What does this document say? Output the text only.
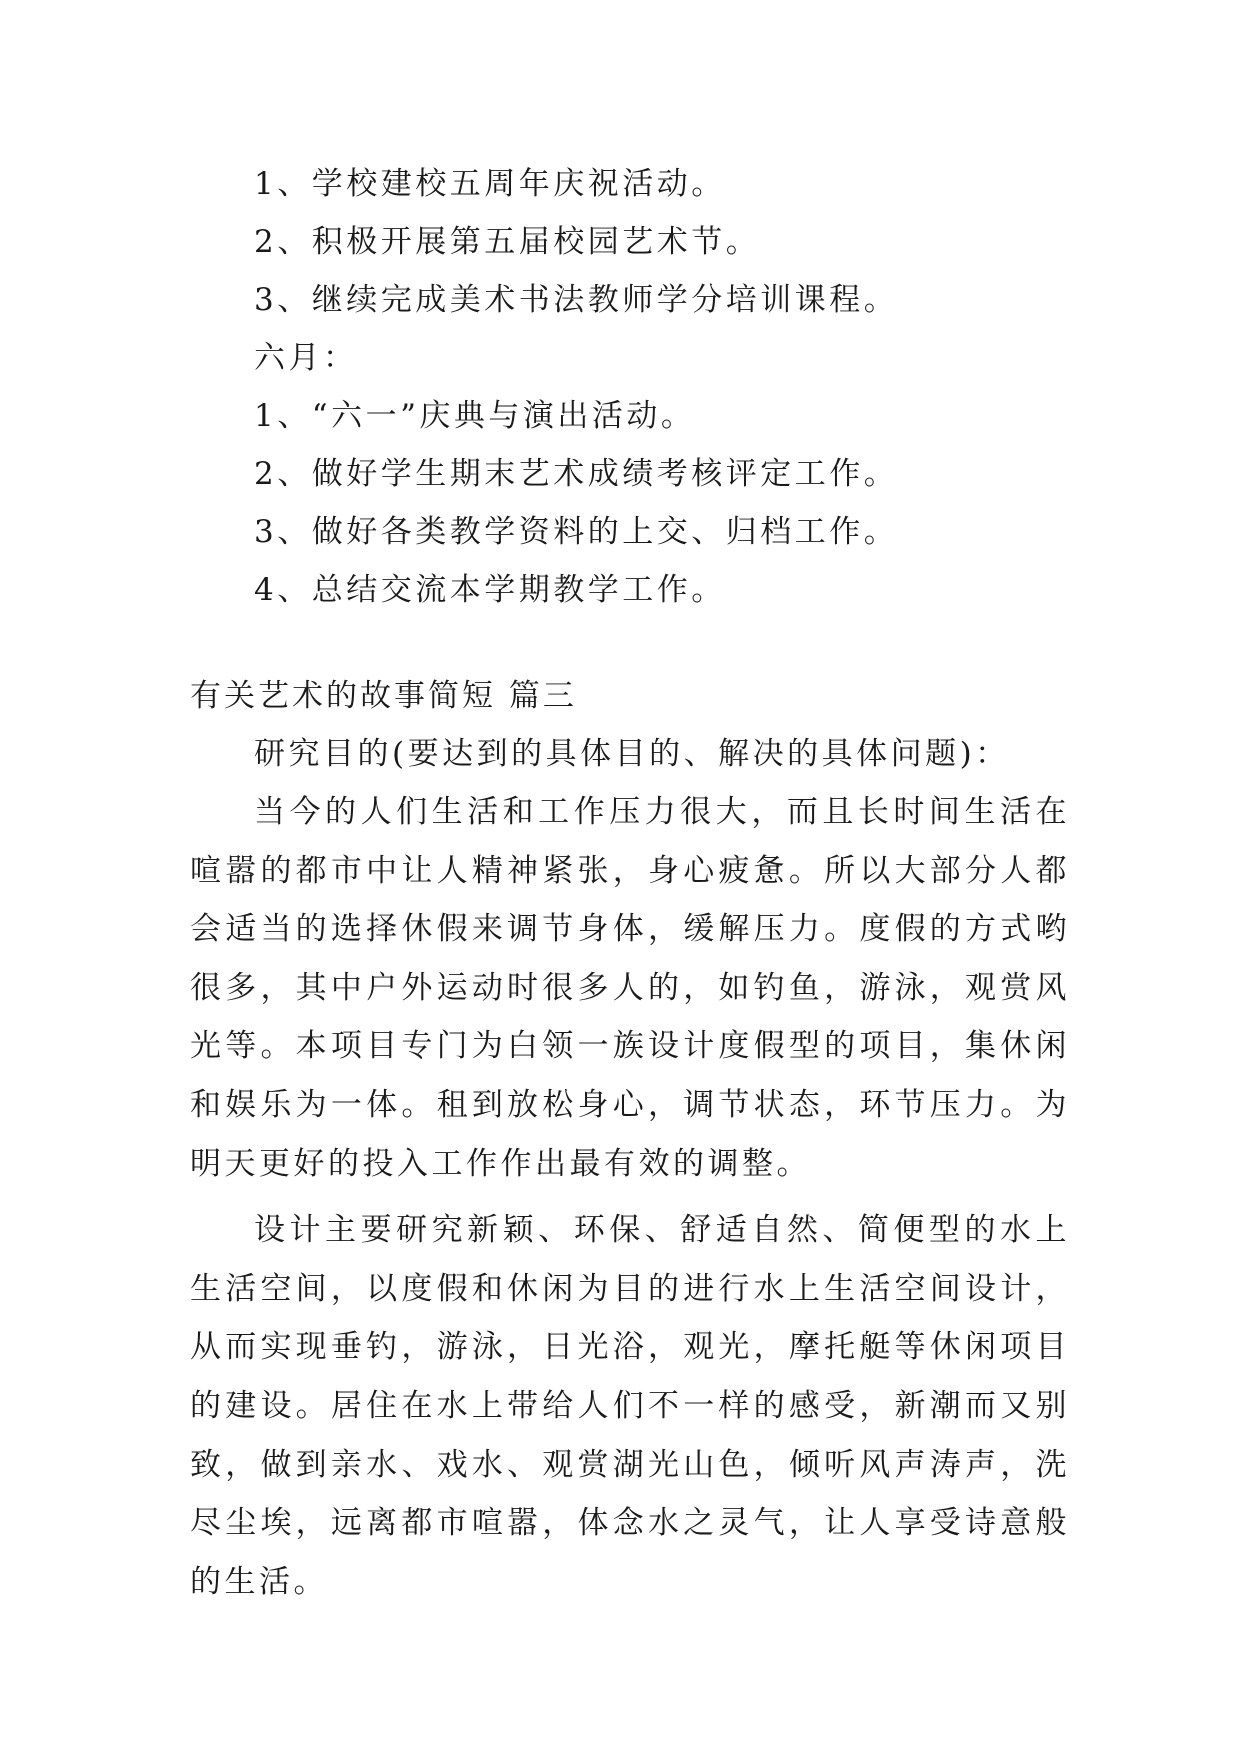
1、学校建校五周年庆祝活动。

2、积极开展第五届校园艺术节。

3、继续完成美术书法教师学分培训课程。

六月：

1、“六一”庆典与演出活动。

2、做好学生期末艺术成绩考核评定工作。

3、做好各类教学资料的上交、归档工作。

4、总结交流本学期教学工作。

有关艺术的故事简短 篇三

研究目的(要达到的具体目的、解决的具体问题)：

当今的人们生活和工作压力很大，而且长时间生活在喧嚣的都市中让人精神紧张，身心疲惫。所以大部分人都会适当的选择休假来调节身体，缓解压力。度假的方式哟很多，其中户外运动时很多人的，如钓鱼，游泳，观赏风光等。本项目专门为白领一族设计度假型的项目，集休闲和娱乐为一体。租到放松身心，调节状态，环节压力。为明天更好的投入工作作出最有效的调整。

设计主要研究新颖、环保、舒适自然、简便型的水上生活空间，以度假和休闲为目的进行水上生活空间设计，从而实现垂钓，游泳，日光浴，观光，摩托艇等休闲项目的建设。居住在水上带给人们不一样的感受，新潮而又别致，做到亲水、戏水、观赏湖光山色，倾听风声涛声，洗尽尘埃，远离都市喧嚣，体念水之灵气，让人享受诗意般的生活。
